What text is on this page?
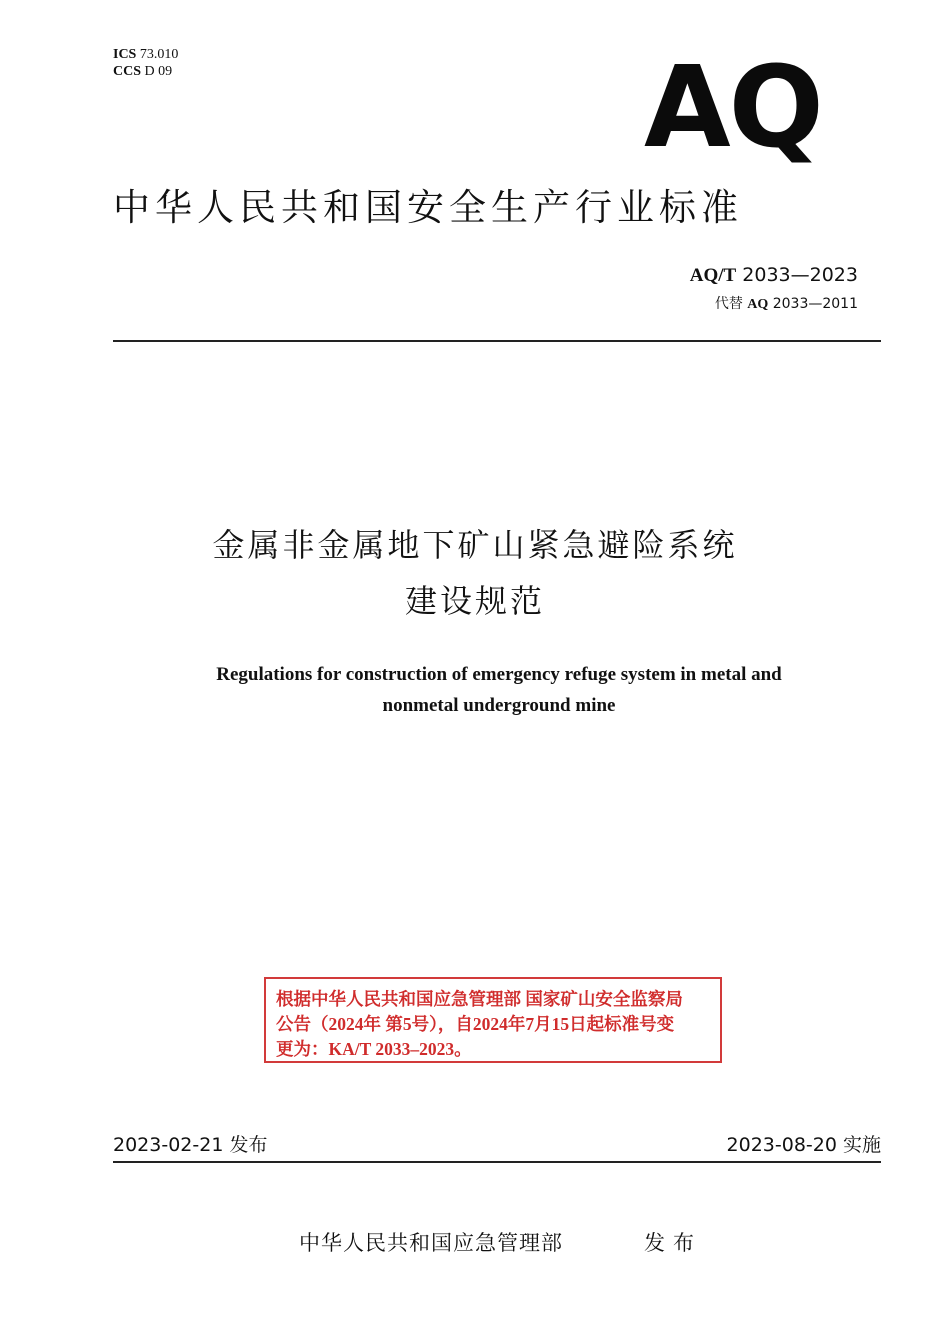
ICS 73.010
CCS D 09	AQ
中华人民共和国安全生产行业标准
AQ/T 2033—2023
代替 AQ 2033—2011
金属非金属地下矿山紧急避险系统
建设规范
Regulations for construction of emergency refuge system in metal and
nonmetal underground mine
根据中华人民共和国应急管理部 国家矿山安全监察局
公告（2024年 第5号），自2024年7月15日起标准号变
更为：KA/T 2033–2023。
2023-02-21 发布	2023-08-20 实施
中华人民共和国应急管理部	发布
